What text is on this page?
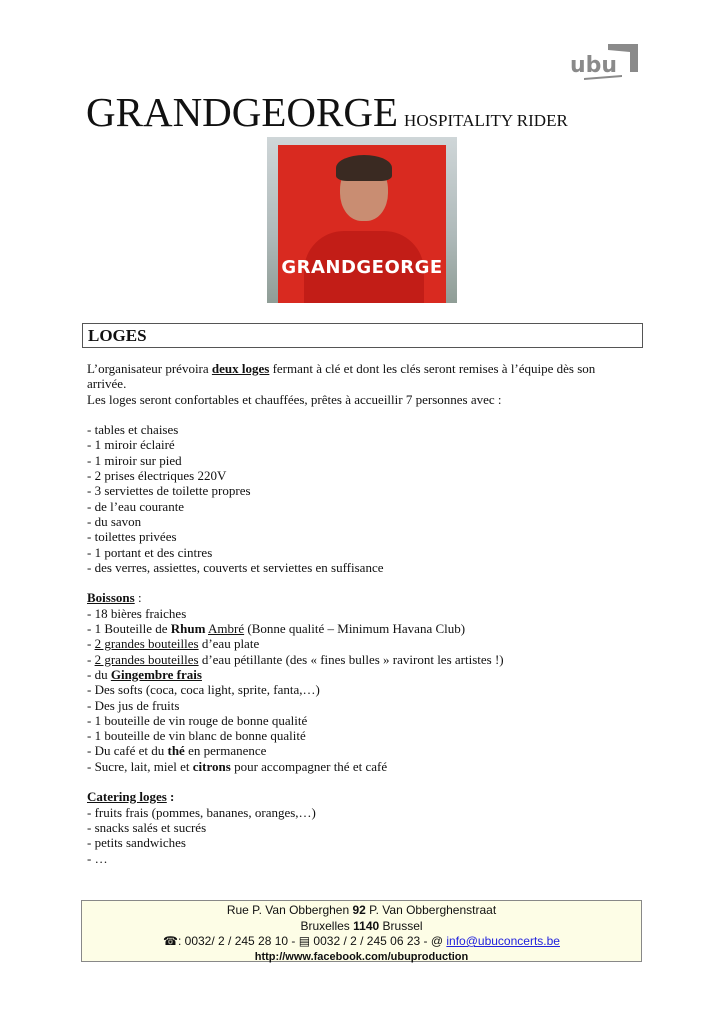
ubu
GRANDGEORGE HOSPITALITY RIDER
GRANDGEORGE
LOGES
L’organisateur prévoira deux loges fermant à clé et dont les clés seront remises à l’équipe dès son arrivée.
Les loges seront confortables et chauffées, prêtes à accueillir 7 personnes avec :
- tables et chaises
- 1 miroir éclairé
- 1 miroir sur pied
- 2 prises électriques 220V
- 3 serviettes de toilette propres
- de l’eau courante
- du savon
- toilettes privées
- 1 portant et des cintres
- des verres, assiettes, couverts et serviettes en suffisance
Boissons :
- 18 bières fraiches
- 1 Bouteille de Rhum Ambré (Bonne qualité – Minimum Havana Club)
- 2 grandes bouteilles d’eau plate
- 2 grandes bouteilles d’eau pétillante (des « fines bulles » raviront les artistes !)
- du Gingembre frais
- Des softs (coca, coca light, sprite, fanta,…)
- Des jus de fruits
- 1 bouteille de vin rouge de bonne qualité
- 1 bouteille de vin blanc de bonne qualité
- Du café et du thé en permanence
- Sucre, lait, miel et citrons pour accompagner thé et café
Catering loges :
- fruits frais (pommes, bananes, oranges,…)
- snacks salés et sucrés
- petits sandwiches
- …
Rue P. Van Obberghen 92 P. Van Obberghenstraat
Bruxelles 1140 Brussel
☎: 0032/ 2 / 245 28 10 - ▤ 0032 / 2 / 245 06 23 - @ info@ubuconcerts.be
http://www.facebook.com/ubuproduction
